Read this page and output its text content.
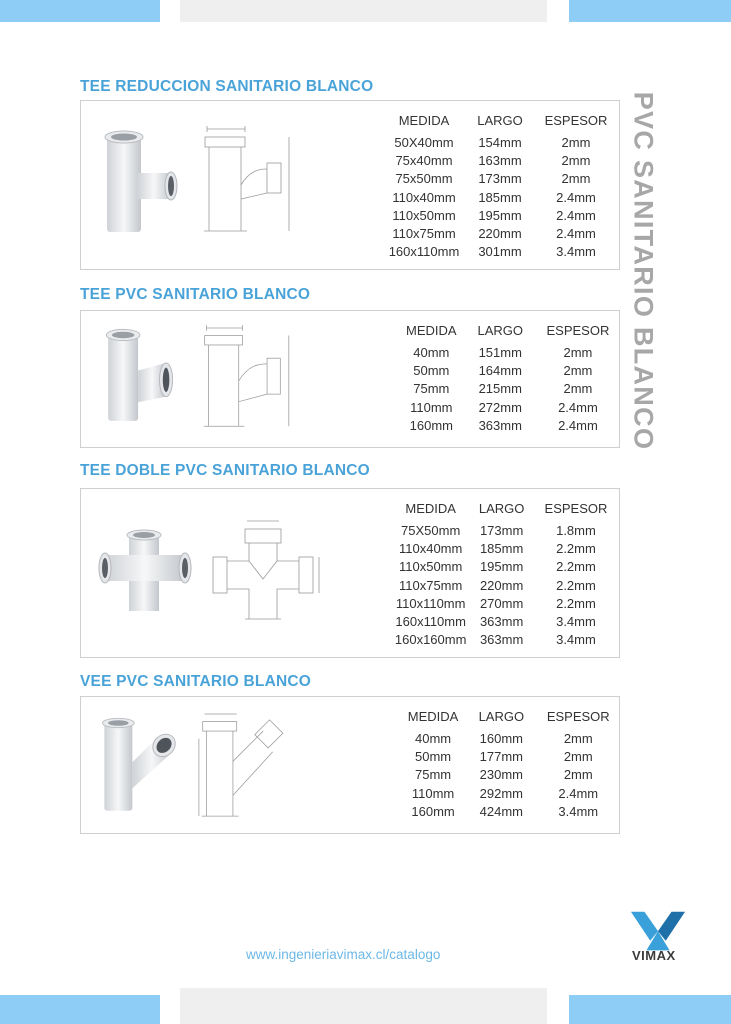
PVC SANITARIO BLANCO
TEE REDUCCION SANITARIO BLANCO
MEDIDA	LARGO	ESPESOR
50X40mm	154mm	2mm
75x40mm	163mm	2mm
75x50mm	173mm	2mm
110x40mm	185mm	2.4mm
110x50mm	195mm	2.4mm
110x75mm	220mm	2.4mm
160x110mm	301mm	3.4mm
TEE PVC SANITARIO BLANCO
MEDIDA	LARGO	ESPESOR
40mm	151mm	2mm
50mm	164mm	2mm
75mm	215mm	2mm
110mm	272mm	2.4mm
160mm	363mm	2.4mm
TEE DOBLE PVC SANITARIO BLANCO
MEDIDA	LARGO	ESPESOR
75X50mm	173mm	1.8mm
110x40mm	185mm	2.2mm
110x50mm	195mm	2.2mm
110x75mm	220mm	2.2mm
110x110mm	270mm	2.2mm
160x110mm	363mm	3.4mm
160x160mm	363mm	3.4mm
VEE PVC SANITARIO BLANCO
MEDIDA	LARGO	ESPESOR
40mm	160mm	2mm
50mm	177mm	2mm
75mm	230mm	2mm
110mm	292mm	2.4mm
160mm	424mm	3.4mm
www.ingenieriavimax.cl/catalogo	VIMAX
